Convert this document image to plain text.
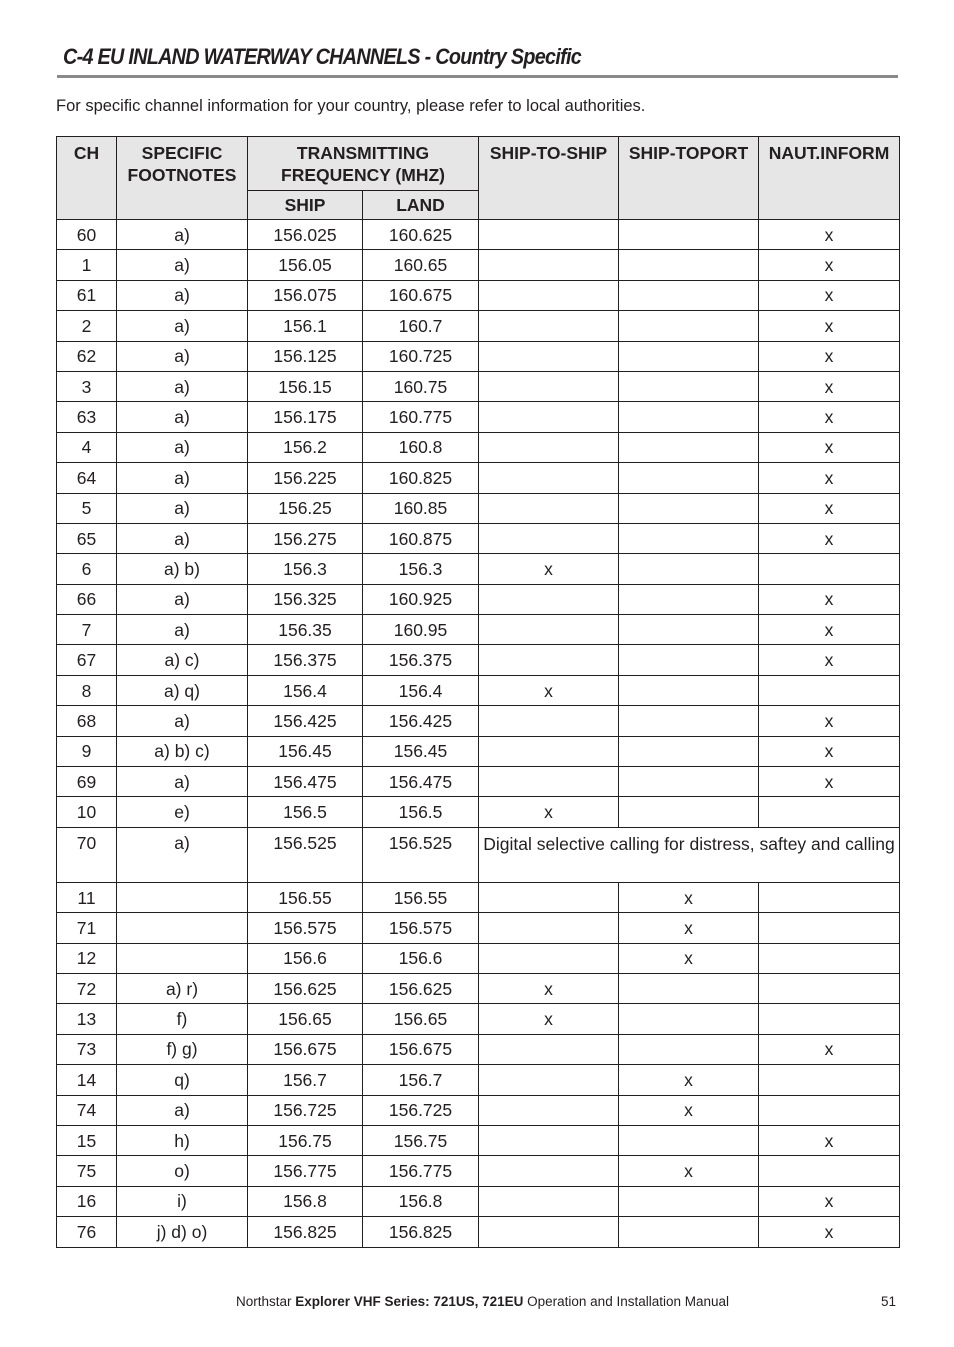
C-4 EU INLAND WATERWAY CHANNELS - Country Specific
For specific channel information for your country, please refer to local authorities.
CH	SPECIFIC FOOTNOTES	TRANSMITTING FREQUENCY (MHZ)		SHIP-TO-SHIP	SHIP-TOPORT	NAUT.INFORM
		SHIP	LAND			
60	a)	156.025	160.625			x
1	a)	156.05	160.65			x
61	a)	156.075	160.675			x
2	a)	156.1	160.7			x
62	a)	156.125	160.725			x
3	a)	156.15	160.75			x
63	a)	156.175	160.775			x
4	a)	156.2	160.8			x
64	a)	156.225	160.825			x
5	a)	156.25	160.85			x
65	a)	156.275	160.875			x
6	a) b)	156.3	156.3	x		
66	a)	156.325	160.925			x
7	a)	156.35	160.95			x
67	a) c)	156.375	156.375			x
8	a) q)	156.4	156.4	x		
68	a)	156.425	156.425			x
9	a) b) c)	156.45	156.45			x
69	a)	156.475	156.475			x
10	e)	156.5	156.5	x		
70	a)	156.525	156.525	Digital selective calling for distress, saftey and calling		
11		156.55	156.55		x	
71		156.575	156.575		x	
12		156.6	156.6		x	
72	a) r)	156.625	156.625	x		
13	f)	156.65	156.65	x		
73	f) g)	156.675	156.675			x
14	q)	156.7	156.7		x	
74	a)	156.725	156.725		x	
15	h)	156.75	156.75			x
75	o)	156.775	156.775		x	
16	i)	156.8	156.8			x
76	j) d) o)	156.825	156.825			x
Northstar Explorer VHF Series: 721US, 721EU Operation and Installation Manual	51
